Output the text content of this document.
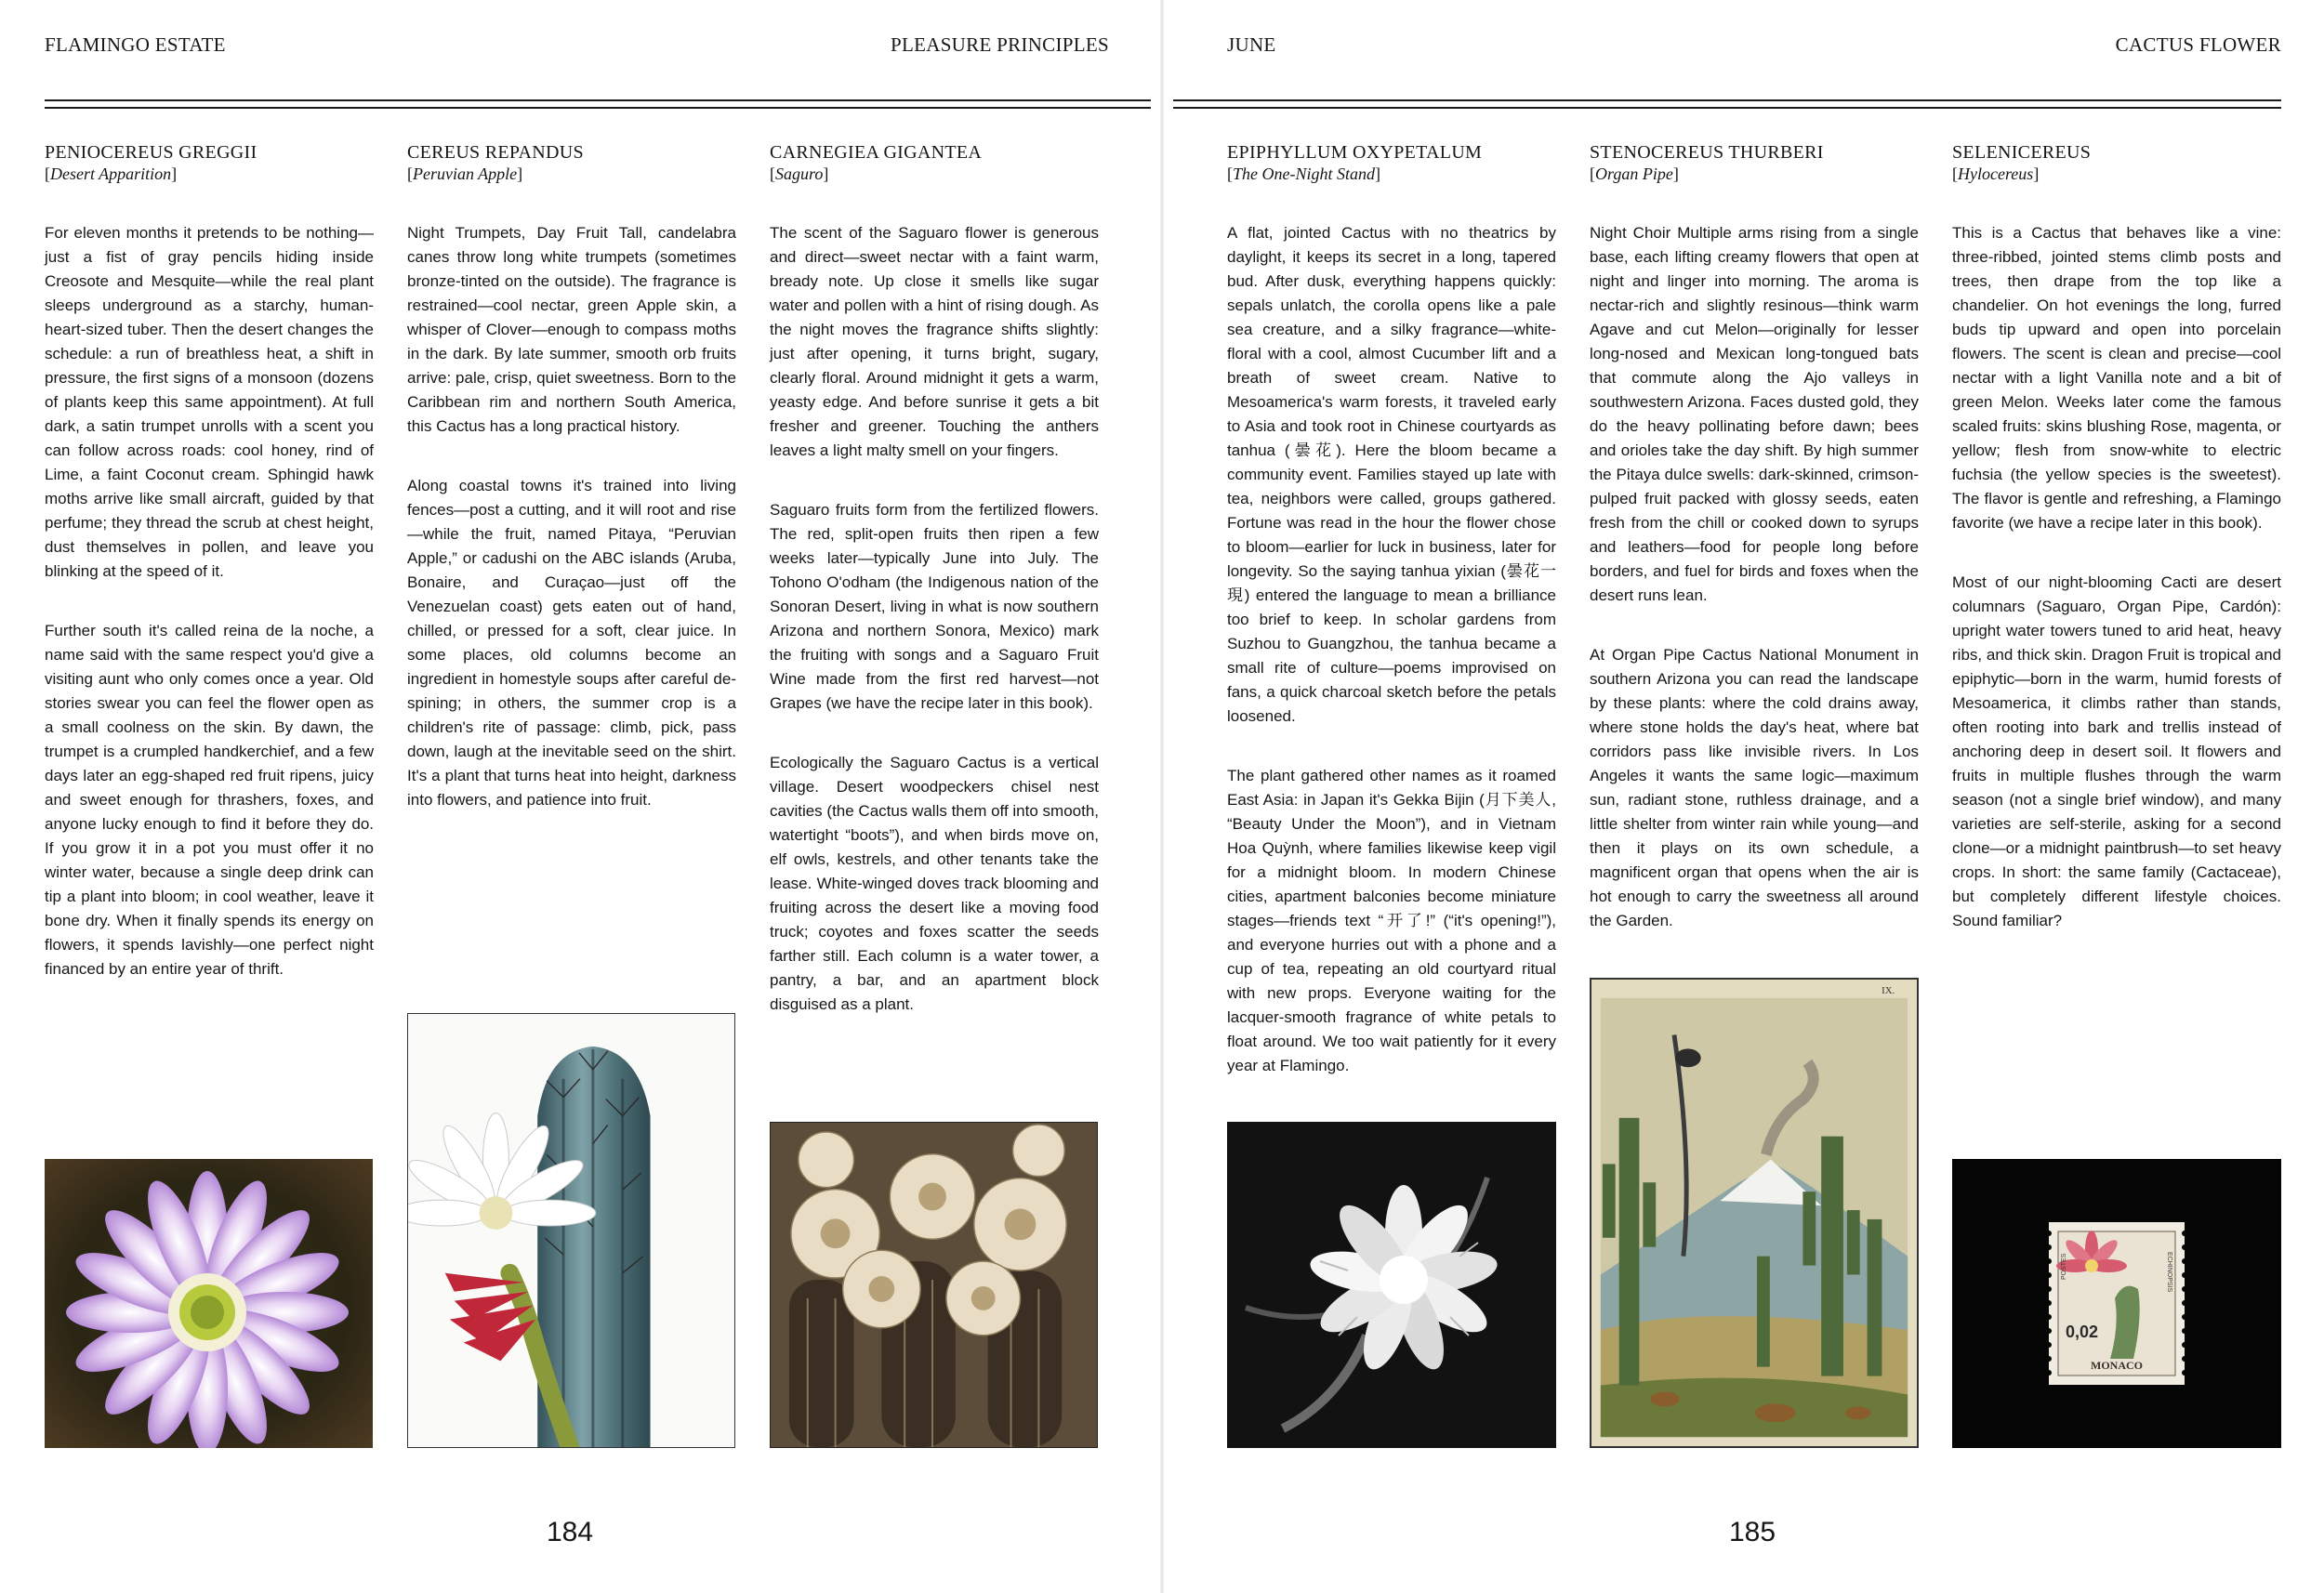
FLAMINGO ESTATE	PLEASURE PRINCIPLES	JUNE	CACTUS FLOWER
PENIOCEREUS GREGGII
[Desert Apparition]

For eleven months it pretends to be nothing—just a fist of gray pencils hiding inside Creosote and Mesquite—while the real plant sleeps underground as a starchy, human-heart-sized tuber. Then the desert changes the schedule: a run of breathless heat, a shift in pressure, the first signs of a monsoon (dozens of plants keep this same appointment). At full dark, a satin trumpet unrolls with a scent you can follow across roads: cool honey, rind of Lime, a faint Coconut cream. Sphingid hawk moths arrive like small aircraft, guided by that perfume; they thread the scrub at chest height, dust themselves in pollen, and leave you blinking at the speed of it.

Further south it's called reina de la noche, a name said with the same respect you'd give a visiting aunt who only comes once a year. Old stories swear you can feel the flower open as a small coolness on the skin. By dawn, the trumpet is a crumpled handkerchief, and a few days later an egg-shaped red fruit ripens, juicy and sweet enough for thrashers, foxes, and anyone lucky enough to find it before they do. If you grow it in a pot you must offer it no winter water, because a single deep drink can tip a plant into bloom; in cool weather, leave it bone dry. When it finally spends its energy on flowers, it spends lavishly—one perfect night financed by an entire year of thrift.

CEREUS REPANDUS
[Peruvian Apple]

Night Trumpets, Day Fruit Tall, candelabra canes throw long white trumpets (sometimes bronze-tinted on the outside). The fragrance is restrained—cool nectar, green Apple skin, a whisper of Clover—enough to compass moths in the dark. By late summer, smooth orb fruits arrive: pale, crisp, quiet sweetness. Born to the Caribbean rim and northern South America, this Cactus has a long practical history.

Along coastal towns it's trained into living fences—post a cutting, and it will root and rise—while the fruit, named Pitaya, “Peruvian Apple,” or cadushi on the ABC islands (Aruba, Bonaire, and Curaçao—just off the Venezuelan coast) gets eaten out of hand, chilled, or pressed for a soft, clear juice. In some places, old columns become an ingredient in homestyle soups after careful de-spining; in others, the summer crop is a children's rite of passage: climb, pick, pass down, laugh at the inevitable seed on the shirt. It's a plant that turns heat into height, darkness into flowers, and patience into fruit.

CARNEGIEA GIGANTEA
[Saguro]

The scent of the Saguaro flower is generous and direct—sweet nectar with a faint warm, bready note. Up close it smells like sugar water and pollen with a hint of rising dough. As the night moves the fragrance shifts slightly: just after opening, it turns bright, sugary, clearly floral. Around midnight it gets a warm, yeasty edge. And before sunrise it gets a bit fresher and greener. Touching the anthers leaves a light malty smell on your fingers.

Saguaro fruits form from the fertilized flowers. The red, split-open fruits then ripen a few weeks later—typically June into July. The Tohono O'odham (the Indigenous nation of the Sonoran Desert, living in what is now southern Arizona and northern Sonora, Mexico) mark the fruiting with songs and a Saguaro Fruit Wine made from the first red harvest—not Grapes (we have the recipe later in this book).

Ecologically the Saguaro Cactus is a vertical village. Desert woodpeckers chisel nest cavities (the Cactus walls them off into smooth, watertight “boots”), and when birds move on, elf owls, kestrels, and other tenants take the lease. White-winged doves track blooming and fruiting across the desert like a moving food truck; coyotes and foxes scatter the seeds farther still. Each column is a water tower, a pantry, a bar, and an apartment block disguised as a plant.

EPIPHYLLUM OXYPETALUM
[The One-Night Stand]

A flat, jointed Cactus with no theatrics by daylight, it keeps its secret in a long, tapered bud. After dusk, everything happens quickly: sepals unlatch, the corolla opens like a pale sea creature, and a silky fragrance—white-floral with a cool, almost Cucumber lift and a breath of sweet cream. Native to Mesoamerica's warm forests, it traveled early to Asia and took root in Chinese courtyards as tanhua (曇花). Here the bloom became a community event. Families stayed up late with tea, neighbors were called, groups gathered. Fortune was read in the hour the flower chose to bloom—earlier for luck in business, later for longevity. So the saying tanhua yixian (曇花一現) entered the language to mean a brilliance too brief to keep. In scholar gardens from Suzhou to Guangzhou, the tanhua became a small rite of culture—poems improvised on fans, a quick charcoal sketch before the petals loosened.

The plant gathered other names as it roamed East Asia: in Japan it's Gekka Bijin (月下美人, “Beauty Under the Moon”), and in Vietnam Hoa Quỳnh, where families likewise keep vigil for a midnight bloom. In modern Chinese cities, apartment balconies become miniature stages—friends text “开了!” (“it's opening!”), and everyone hurries out with a phone and a cup of tea, repeating an old courtyard ritual with new props. Everyone waiting for the lacquer-smooth fragrance of white petals to float around. We too wait patiently for it every year at Flamingo.

STENOCEREUS THURBERI
[Organ Pipe]

Night Choir Multiple arms rising from a single base, each lifting creamy flowers that open at night and linger into morning. The aroma is nectar-rich and slightly resinous—think warm Agave and cut Melon—originally for lesser long-nosed and Mexican long-tongued bats that commute along the Ajo valleys in southwestern Arizona. Faces dusted gold, they do the heavy pollinating before dawn; bees and orioles take the day shift. By high summer the Pitaya dulce swells: dark-skinned, crimson-pulped fruit packed with glossy seeds, eaten fresh from the chill or cooked down to syrups and leathers—food for people long before borders, and fuel for birds and foxes when the desert runs lean.

At Organ Pipe Cactus National Monument in southern Arizona you can read the landscape by these plants: where the cold drains away, where stone holds the day's heat, where bat corridors pass like invisible rivers. In Los Angeles it wants the same logic—maximum sun, radiant stone, ruthless drainage, and a little shelter from winter rain while young—and then it plays on its own schedule, a magnificent organ that opens when the air is hot enough to carry the sweetness all around the Garden.

SELENICEREUS
[Hylocereus]

This is a Cactus that behaves like a vine: three-ribbed, jointed stems climb posts and trees, then drape from the top like a chandelier. On hot evenings the long, furred buds tip upward and open into porcelain flowers. The scent is clean and precise—cool nectar with a light Vanilla note and a bit of green Melon. Weeks later come the famous scaled fruits: skins blushing Rose, magenta, or yellow; flesh from snow-white to electric fuchsia (the yellow species is the sweetest). The flavor is gentle and refreshing, a Flamingo favorite (we have a recipe later in this book).

Most of our night-blooming Cacti are desert columnars (Saguaro, Organ Pipe, Cardón): upright water towers tuned to arid heat, heavy ribs, and thick skin. Dragon Fruit is tropical and epiphytic—born in the warm, humid forests of Mesoamerica, it climbs rather than stands, often rooting into bark and trellis instead of anchoring deep in desert soil. It flowers and fruits in multiple flushes through the warm season (not a single brief window), and many varieties are self-sterile, asking for a second clone—or a midnight paintbrush—to set heavy crops. In short: the same family (Cactaceae), but completely different lifestyle choices. Sound familiar?

IX.
0,02
MONACO
POSTES	ECHINOPSIS
184	185
